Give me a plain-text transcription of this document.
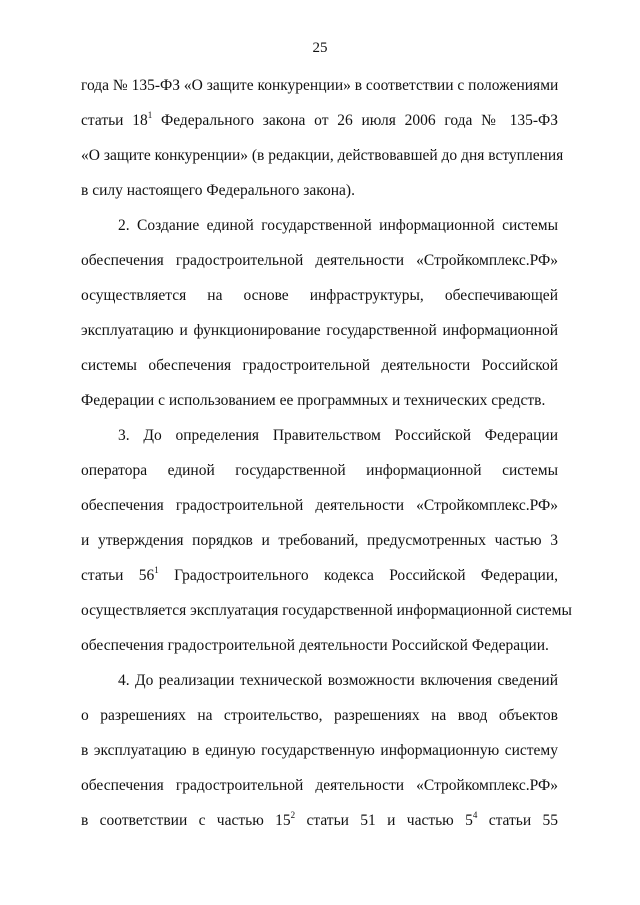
25
года № 135-ФЗ «О защите конкуренции» в соответствии с положениями
статьи $18^1$ Федерального закона от 26 июля 2006 года № 135-ФЗ
«О защите конкуренции» (в редакции, действовавшей до дня вступления
в силу настоящего Федерального закона).
2. Создание единой государственной информационной системы
обеспечения градостроительной деятельности «Стройкомплекс.РФ»
осуществляется на основе инфраструктуры, обеспечивающей
эксплуатацию и функционирование государственной информационной
системы обеспечения градостроительной деятельности Российской
Федерации с использованием ее программных и технических средств.
3. До определения Правительством Российской Федерации
оператора единой государственной информационной системы
обеспечения градостроительной деятельности «Стройкомплекс.РФ»
и утверждения порядков и требований, предусмотренных частью 3
статьи $56^1$ Градостроительного кодекса Российской Федерации,
осуществляется эксплуатация государственной информационной системы
обеспечения градостроительной деятельности Российской Федерации.
4. До реализации технической возможности включения сведений
о разрешениях на строительство, разрешениях на ввод объектов
в эксплуатацию в единую государственную информационную систему
обеспечения градостроительной деятельности «Стройкомплекс.РФ»
в соответствии с частью $15^2$ статьи 51 и частью $5^4$ статьи 55
